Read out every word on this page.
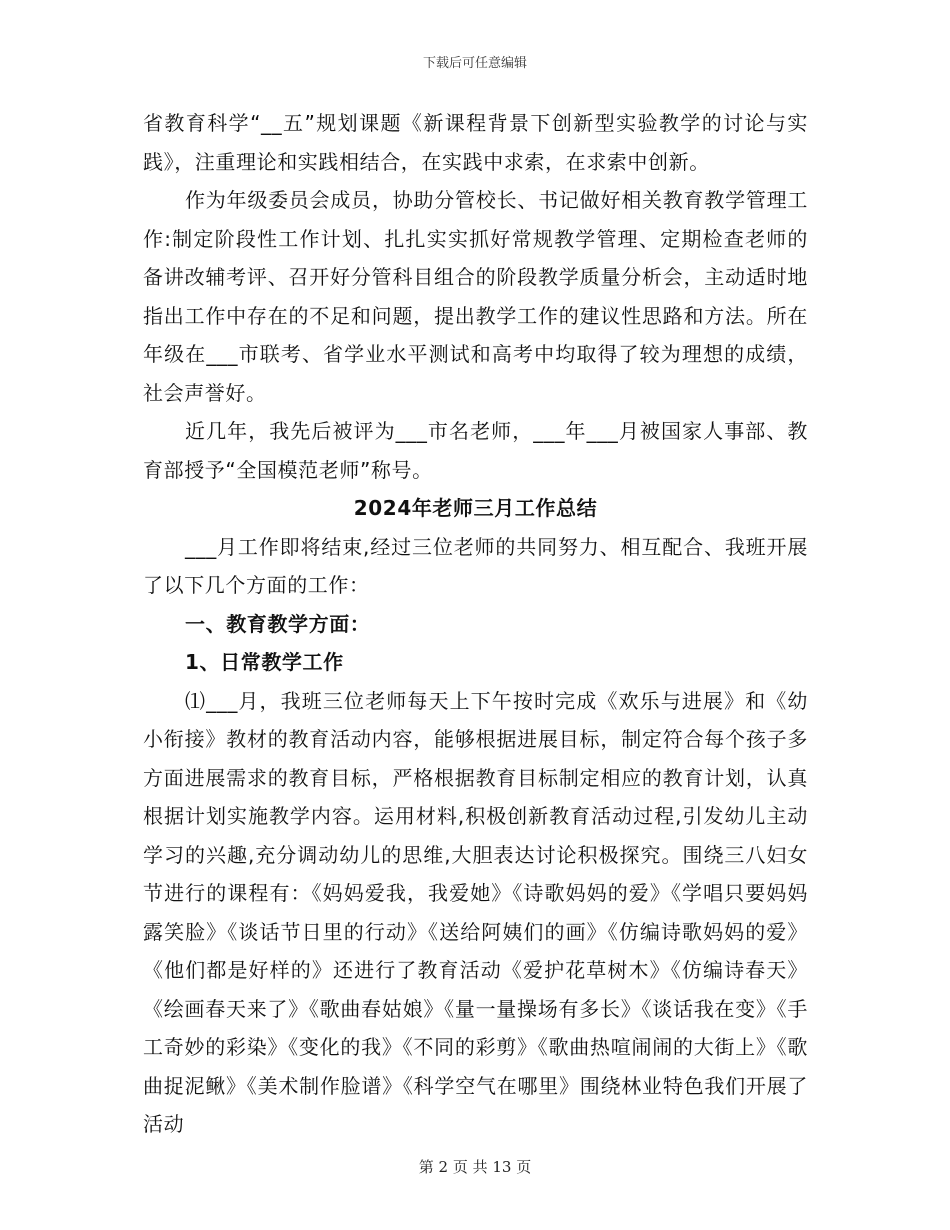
下载后可任意编辑

省教育科学“__五”规划课题《新课程背景下创新型实验教学的讨论与实践》，注重理论和实践相结合，在实践中求索，在求索中创新。

作为年级委员会成员，协助分管校长、书记做好相关教育教学管理工作:制定阶段性工作计划、扎扎实实抓好常规教学管理、定期检查老师的备讲改辅考评、召开好分管科目组合的阶段教学质量分析会，主动适时地指出工作中存在的不足和问题，提出教学工作的建议性思路和方法。所在年级在___市联考、省学业水平测试和高考中均取得了较为理想的成绩，社会声誉好。

近几年，我先后被评为___市名老师，___年___月被国家人事部、教育部授予“全国模范老师”称号。

2024年老师三月工作总结

___月工作即将结束,经过三位老师的共同努力、相互配合、我班开展了以下几个方面的工作：

一、教育教学方面：

1、日常教学工作

⑴___月，我班三位老师每天上下午按时完成《欢乐与进展》和《幼小衔接》教材的教育活动内容，能够根据进展目标，制定符合每个孩子多方面进展需求的教育目标，严格根据教育目标制定相应的教育计划，认真根据计划实施教学内容。运用材料,积极创新教育活动过程,引发幼儿主动学习的兴趣,充分调动幼儿的思维,大胆表达讨论积极探究。围绕三八妇女节进行的课程有：《妈妈爱我，我爱她》《诗歌妈妈的爱》《学唱只要妈妈露笑脸》《谈话节日里的行动》《送给阿姨们的画》《仿编诗歌妈妈的爱》《他们都是好样的》还进行了教育活动《爱护花草树木》《仿编诗春天》《绘画春天来了》《歌曲春姑娘》《量一量操场有多长》《谈话我在变》《手工奇妙的彩染》《变化的我》《不同的彩剪》《歌曲热喧闹闹的大街上》《歌曲捉泥鳅》《美术制作脸谱》《科学空气在哪里》围绕林业特色我们开展了活动

第 2 页 共 13 页
